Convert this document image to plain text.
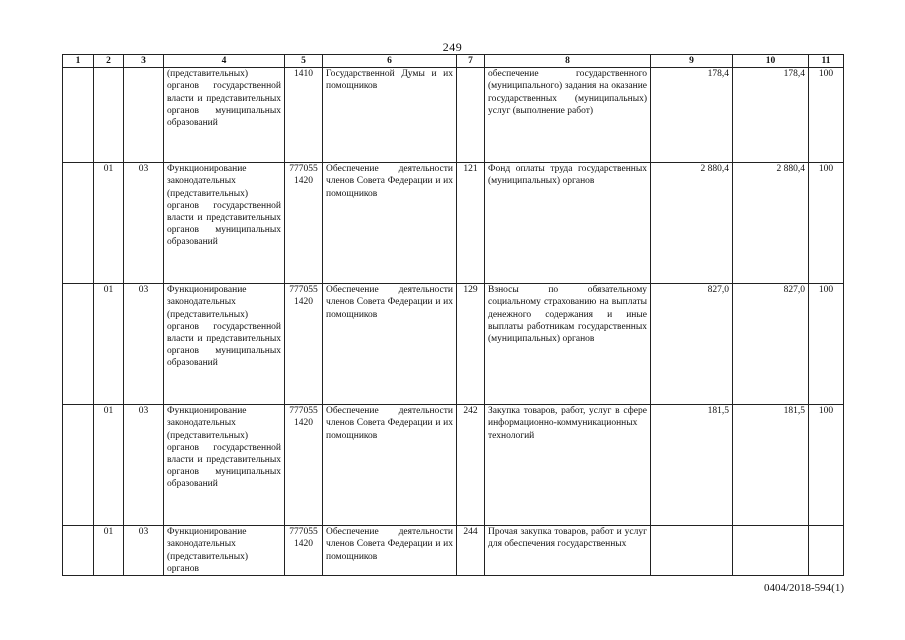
249
1	2	3	4	5	6	7	8	9	10	11
			(представительных) органов государственной власти и представительных органов муниципальных образований	1410	Государственной Думы и их помощников		обеспечение государственного (муниципального) задания на оказание государственных (муниципальных) услуг (выполнение работ)	178,4	178,4	100
	01	03	Функционирование законодательных (представительных) органов государственной власти и представительных органов муниципальных образований	777055 1420	Обеспечение деятельности членов Совета Федерации и их помощников	121	Фонд оплаты труда государственных (муниципальных) органов	2 880,4	2 880,4	100
	01	03	Функционирование законодательных (представительных) органов государственной власти и представительных органов муниципальных образований	777055 1420	Обеспечение деятельности членов Совета Федерации и их помощников	129	Взносы по обязательному социальному страхованию на выплаты денежного содержания и иные выплаты работникам государственных (муниципальных) органов	827,0	827,0	100
	01	03	Функционирование законодательных (представительных) органов государственной власти и представительных органов муниципальных образований	777055 1420	Обеспечение деятельности членов Совета Федерации и их помощников	242	Закупка товаров, работ, услуг в сфере информационно-коммуникационных технологий	181,5	181,5	100
	01	03	Функционирование законодательных (представительных) органов	777055 1420	Обеспечение деятельности членов Совета Федерации и их помощников	244	Прочая закупка товаров, работ и услуг для обеспечения государственных			
0404/2018-594(1)
